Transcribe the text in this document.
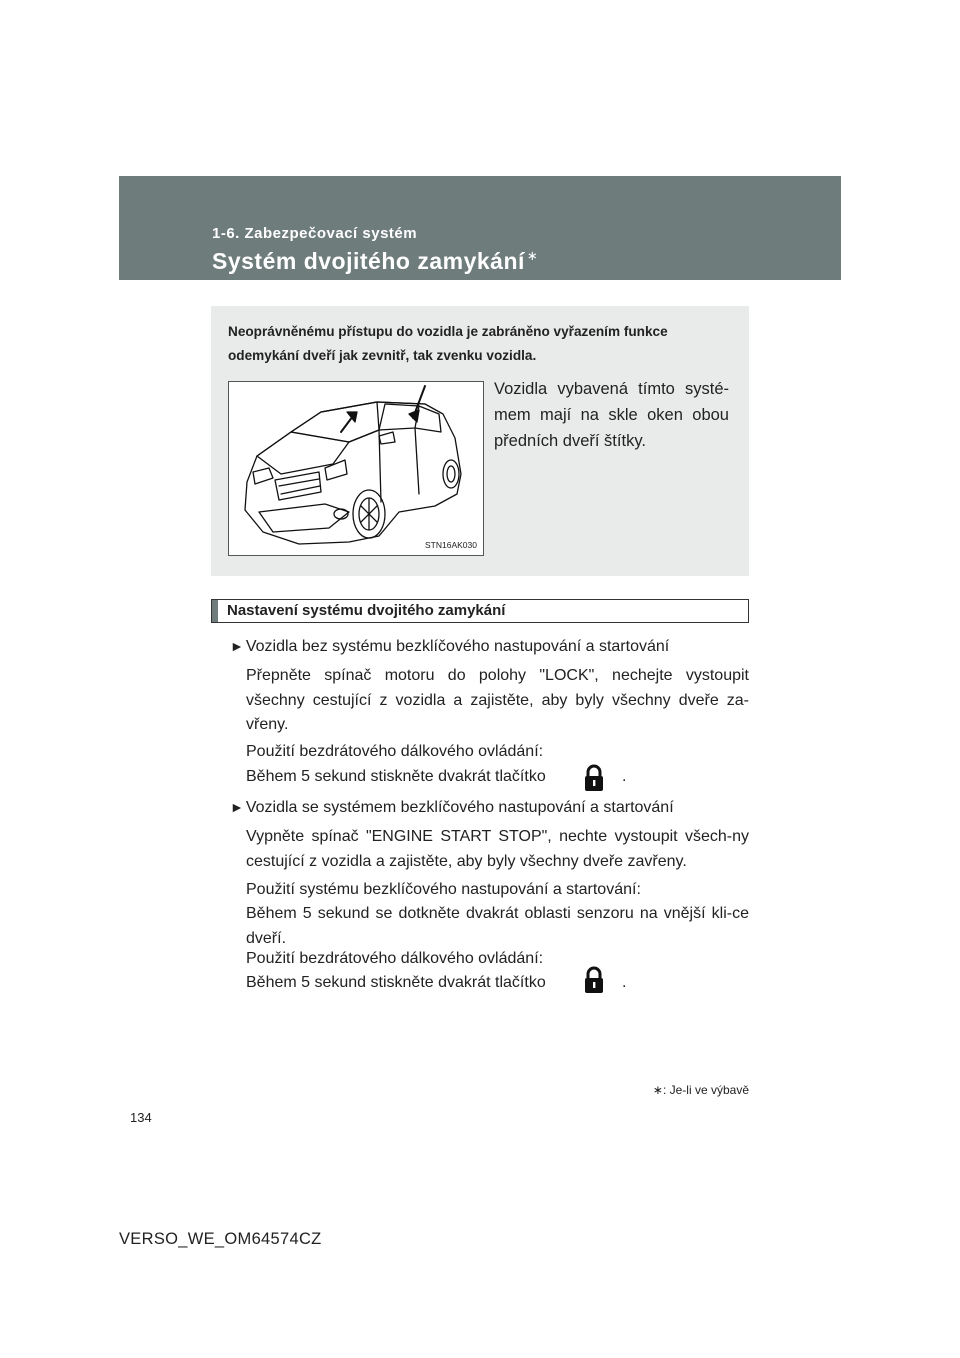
1-6. Zabezpečovací systém
Systém dvojitého zamykání ∗
Neoprávněnému přístupu do vozidla je zabráněno vyřazením funkce odemykání dveří jak zevnitř, tak zvenku vozidla.
STN16AK030
Vozidla vybavená tímto systé-mem mají na skle oken obou předních dveří štítky.
Nastavení systému dvojitého zamykání
► Vozidla bez systému bezklíčového nastupování a startování
Přepněte spínač motoru do polohy "LOCK", nechejte vystoupit všechny cestující z vozidla a zajistěte, aby byly všechny dveře za-vřeny.
Použití bezdrátového dálkového ovládání:
Během 5 sekund stiskněte dvakrát tlačítko	.
► Vozidla se systémem bezklíčového nastupování a startování
Vypněte spínač "ENGINE START STOP", nechte vystoupit všech-ny cestující z vozidla a zajistěte, aby byly všechny dveře zavřeny.
Použití systému bezklíčového nastupování a startování:
Během 5 sekund se dotkněte dvakrát oblasti senzoru na vnější kli-ce dveří.
Použití bezdrátového dálkového ovládání:
Během 5 sekund stiskněte dvakrát tlačítko	.
∗: Je-li ve výbavě
134
VERSO_WE_OM64574CZ
